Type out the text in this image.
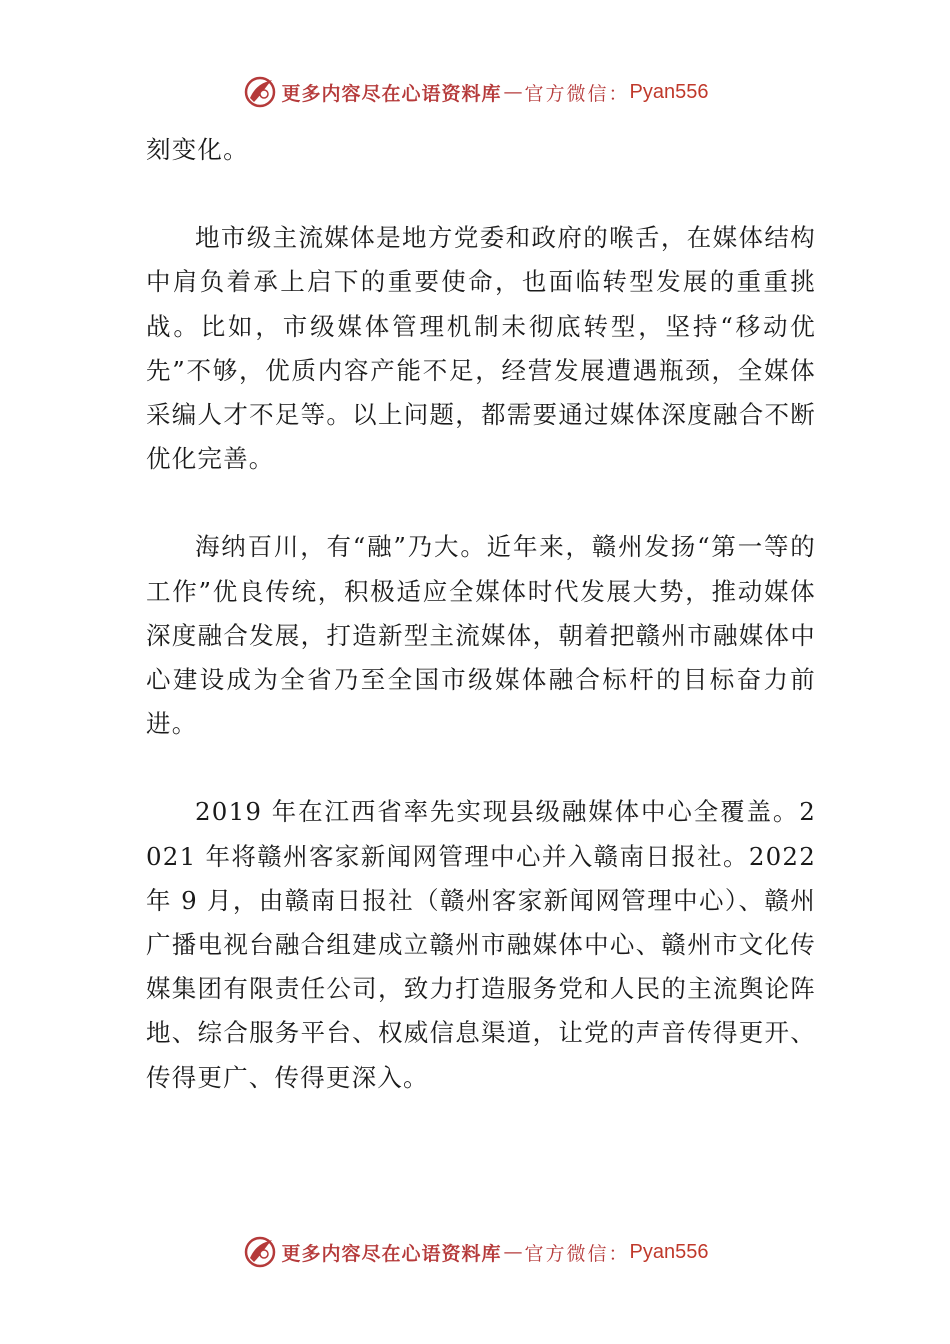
更多内容尽在心语资料库 — 官方微信： Pyan556

刻变化。

地市级主流媒体是地方党委和政府的喉舌，在媒体结构中肩负着承上启下的重要使命，也面临转型发展的重重挑战。比如，市级媒体管理机制未彻底转型，坚持“移动优先”不够，优质内容产能不足，经营发展遭遇瓶颈，全媒体采编人才不足等。以上问题，都需要通过媒体深度融合不断优化完善。

海纳百川，有“融”乃大。近年来，赣州发扬“第一等的工作”优良传统，积极适应全媒体时代发展大势，推动媒体深度融合发展，打造新型主流媒体，朝着把赣州市融媒体中心建设成为全省乃至全国市级媒体融合标杆的目标奋力前进。

2019 年在江西省率先实现县级融媒体中心全覆盖。2021 年将赣州客家新闻网管理中心并入赣南日报社。2022 年 9 月，由赣南日报社（赣州客家新闻网管理中心）、赣州广播电视台融合组建成立赣州市融媒体中心、赣州市文化传媒集团有限责任公司，致力打造服务党和人民的主流舆论阵地、综合服务平台、权威信息渠道，让党的声音传得更开、传得更广、传得更深入。

更多内容尽在心语资料库 — 官方微信： Pyan556
